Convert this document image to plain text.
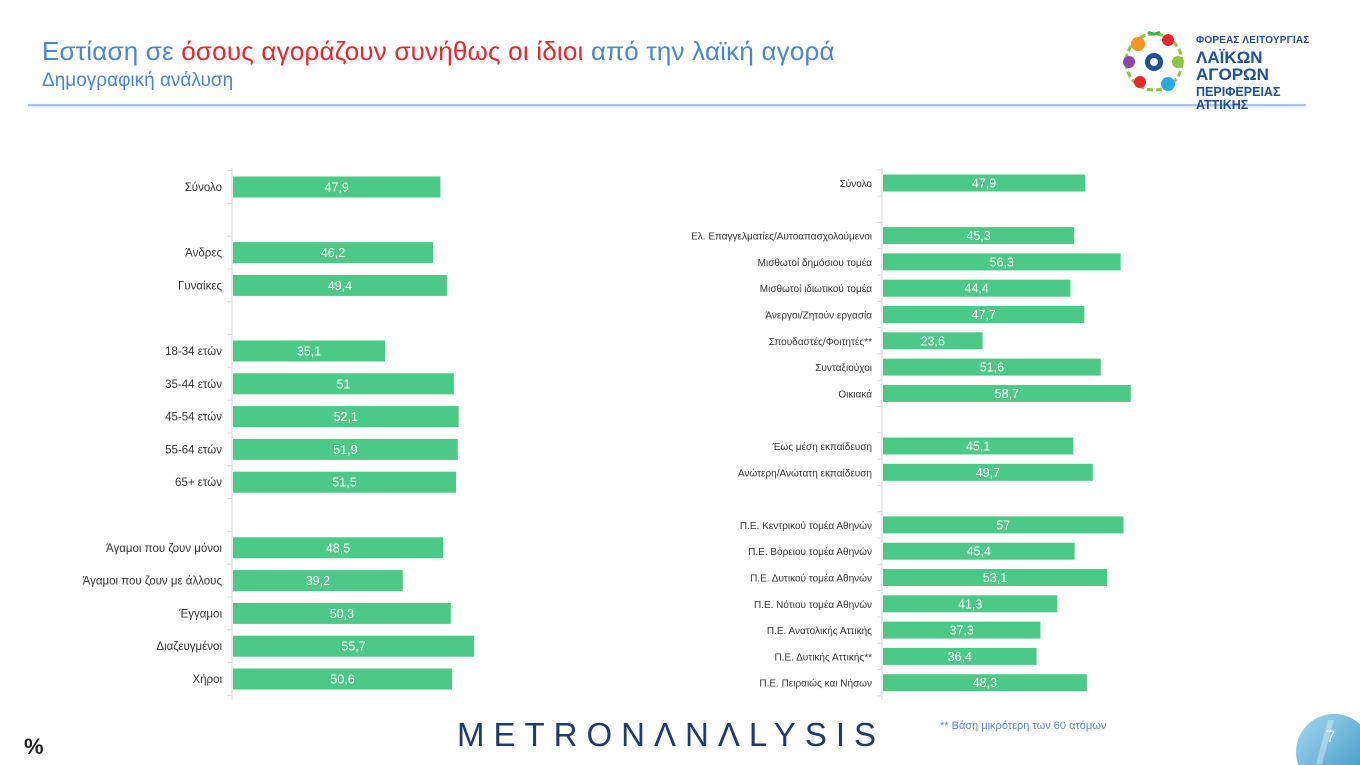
Εστίαση σε όσους αγοράζουν συνήθως οι ίδιοι από την λαϊκή αγορά
Δημογραφική ανάλυση
ΦΟΡΕΑΣ ΛΕΙΤΟΥΡΓΙΑΣ
ΛΑΪΚΩΝ ΑΓΟΡΩΝ
ΠΕΡΙΦΕΡΕΙΑΣ ΑΤΤΙΚΗΣ
Σύνολο	47,9
Άνδρες	46,2
Γυναίκες	49,4
18-34 ετών	35,1
35-44 ετών	51
45-54 ετών	52,1
55-64 ετών	51,9
65+ ετών	51,5
Άγαμοι που ζουν μόνοι	48,5
Άγαμοι που ζουν με άλλους	39,2
Έγγαμοι	50,3
Διαζευγμένοι	55,7
Χήροι	50,6
Σύνολο	47,9
Ελ. Επαγγελματίες/Αυτοαπασχολούμενοι	45,3
Μισθωτοί δημόσιου τομέα	56,3
Μισθωτοί ιδιωτικού τομέα	44,4
Άνεργοι/Ζητούν εργασία	47,7
Σπουδαστές/Φοιτητές**	23,6
Συνταξιούχοι	51,6
Οικιακά	58,7
Έως μέση εκπαίδευση	45,1
Ανώτερη/Ανώτατη εκπαίδευση	49,7
Π.Ε. Κεντρικού τομέα Αθηνών	57
Π.Ε. Βόρειου τομέα Αθηνών	45,4
Π.Ε. Δυτικού τομέα Αθηνών	53,1
Π.Ε. Νότιου τομέα Αθηνών	41,3
Π.Ε. Ανατολικής Αττικής	37,3
Π.Ε. Δυτικής Αττικής**	36,4
Π.Ε. Πειραιώς και Νήσων	48,3
%	METRONΛNΛLYSIS	** Βάση μικρότερη των 60 ατόμων
7
